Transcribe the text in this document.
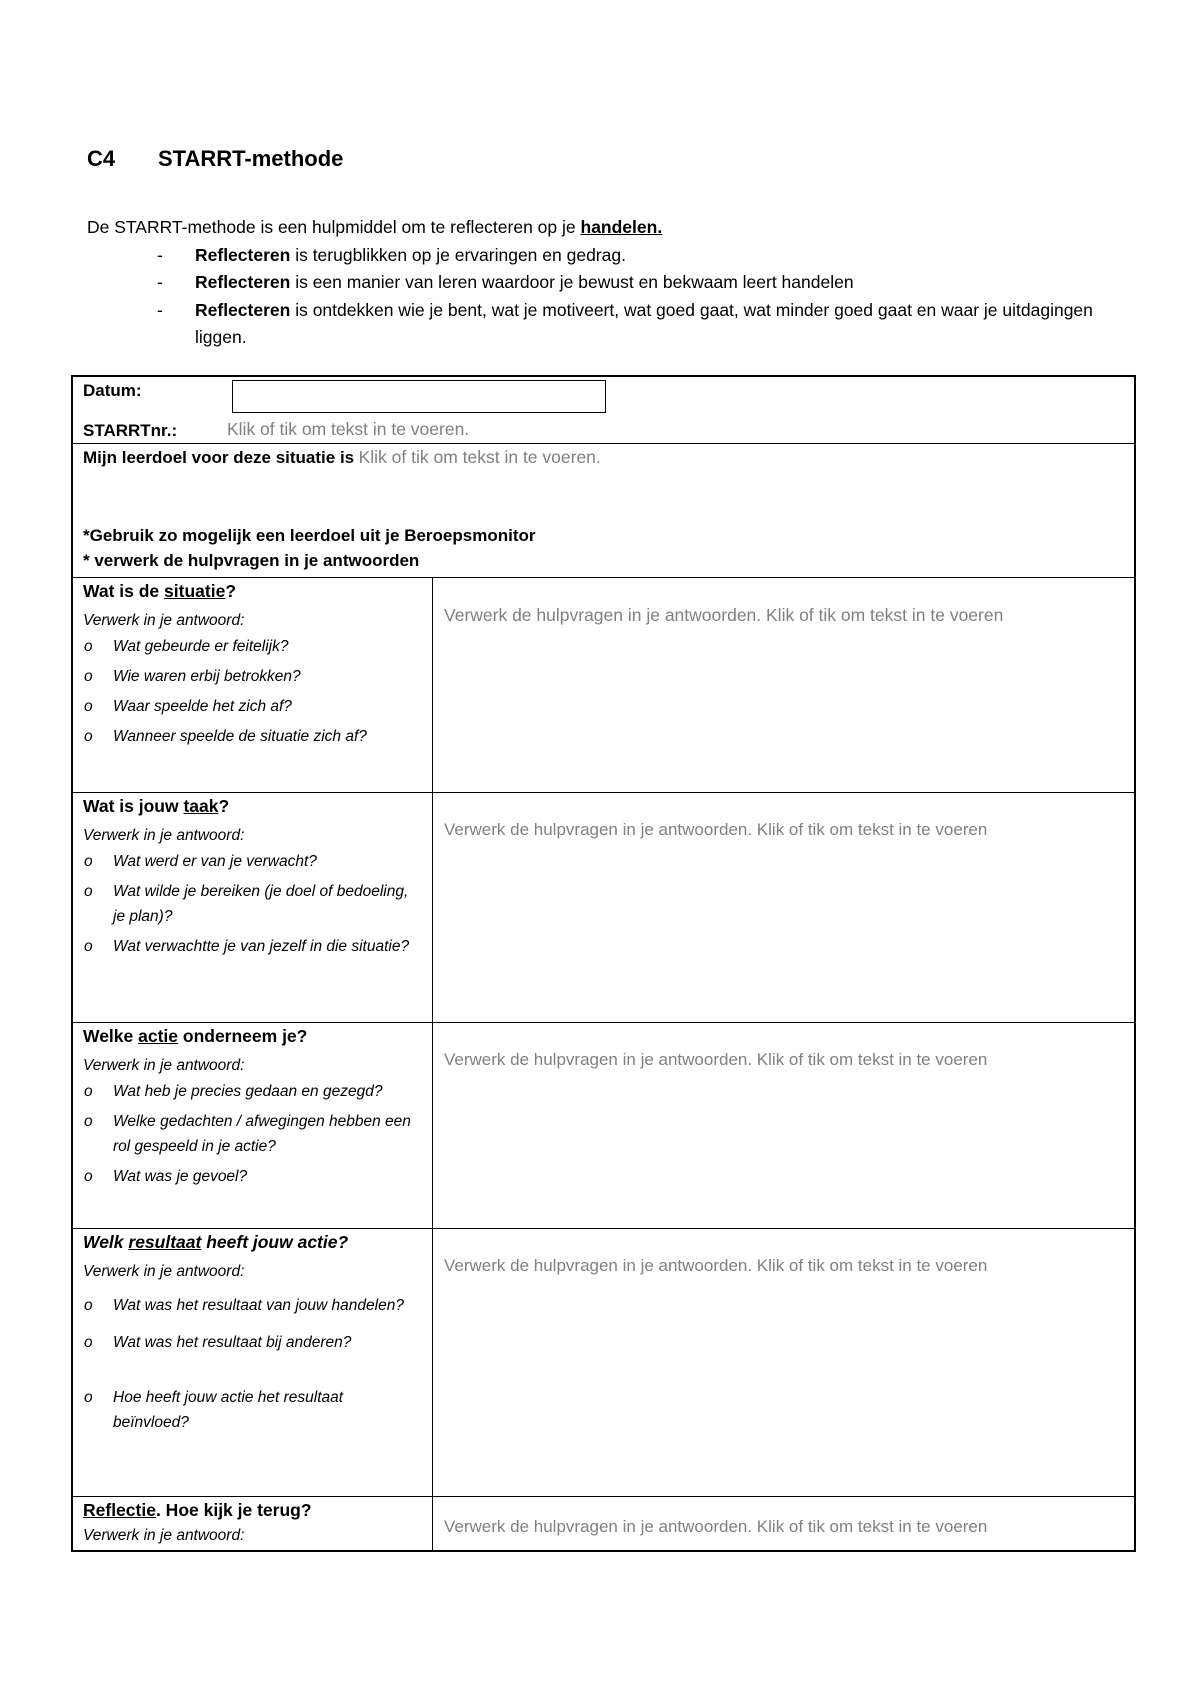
C4 STARRT-methode
De STARRT-methode is een hulpmiddel om te reflecteren op je handelen.
- Reflecteren is terugblikken op je ervaringen en gedrag.
- Reflecteren is een manier van leren waardoor je bewust en bekwaam leert handelen
- Reflecteren is ontdekken wie je bent, wat je motiveert, wat goed gaat, wat minder goed gaat en waar je uitdagingen liggen.
Datum:
STARRTnr.:	Klik of tik om tekst in te voeren.
Mijn leerdoel voor deze situatie is Klik of tik om tekst in te voeren.
*Gebruik zo mogelijk een leerdoel uit je Beroepsmonitor
* verwerk de hulpvragen in je antwoorden
Wat is de situatie?
Verwerk in je antwoord:
o Wat gebeurde er feitelijk?
o Wie waren erbij betrokken?
o Waar speelde het zich af?
o Wanneer speelde de situatie zich af?
Verwerk de hulpvragen in je antwoorden. Klik of tik om tekst in te voeren
Wat is jouw taak?
Verwerk in je antwoord:
o Wat werd er van je verwacht?
o Wat wilde je bereiken (je doel of bedoeling, je plan)?
o Wat verwachtte je van jezelf in die situatie?
Verwerk de hulpvragen in je antwoorden. Klik of tik om tekst in te voeren
Welke actie onderneem je?
Verwerk in je antwoord:
o Wat heb je precies gedaan en gezegd?
o Welke gedachten / afwegingen hebben een rol gespeeld in je actie?
o Wat was je gevoel?
Verwerk de hulpvragen in je antwoorden. Klik of tik om tekst in te voeren
Welk resultaat heeft jouw actie?
Verwerk in je antwoord:
o Wat was het resultaat van jouw handelen?
o Wat was het resultaat bij anderen?
o Hoe heeft jouw actie het resultaat beïnvloed?
Verwerk de hulpvragen in je antwoorden. Klik of tik om tekst in te voeren
Reflectie. Hoe kijk je terug?
Verwerk in je antwoord:	Verwerk de hulpvragen in je antwoorden. Klik of tik om tekst in te voeren
